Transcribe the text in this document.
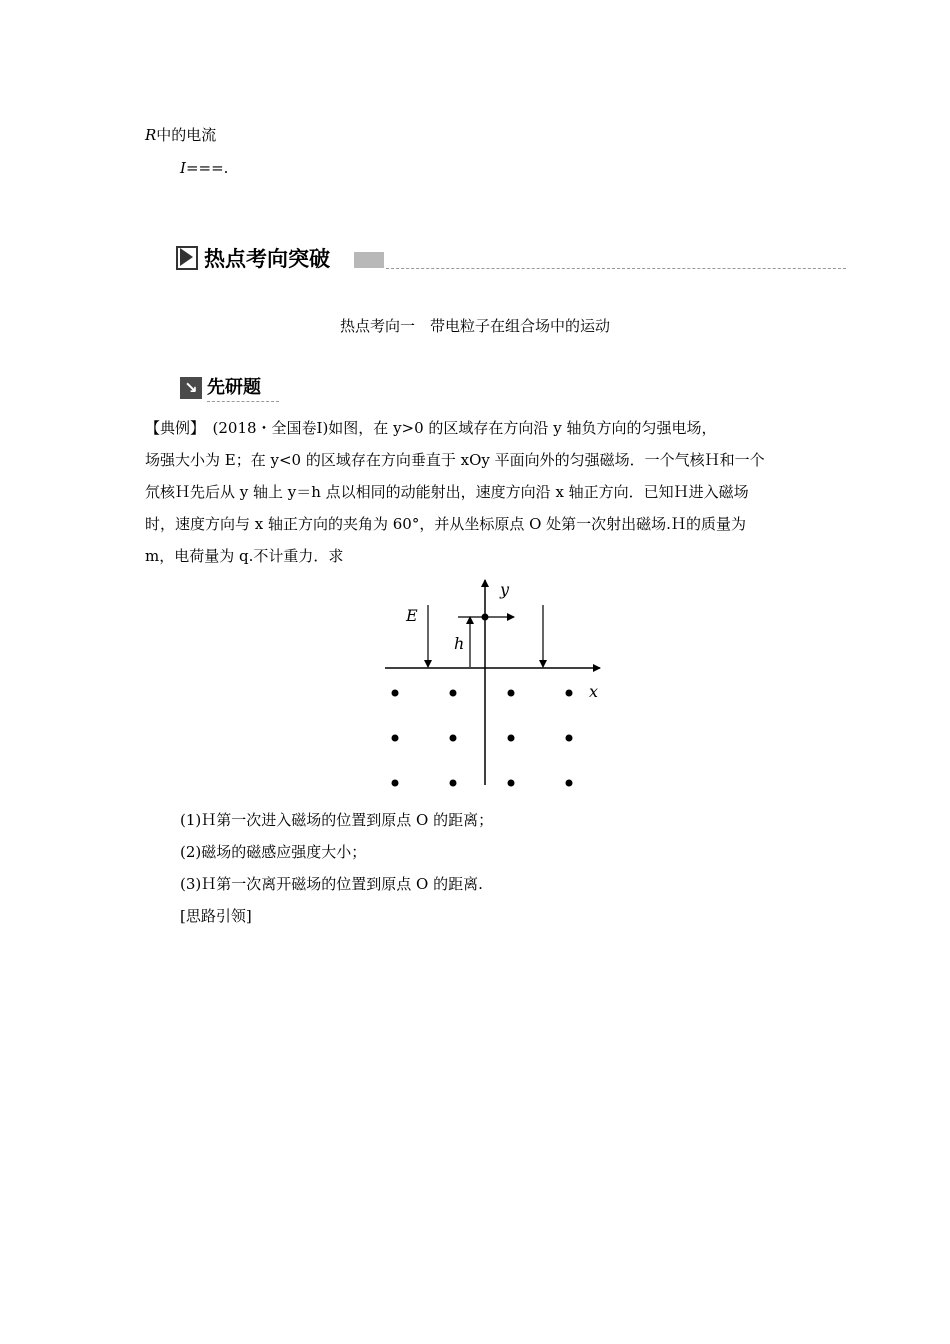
R中的电流
I===.
热点考向突破
热点考向一　带电粒子在组合场中的运动
↘ 先研题
【典例】　(2018・全国卷Ⅰ)如图，在 y>0 的区域存在方向沿 y 轴负方向的匀强电场，
场强大小为 E；在 y<0 的区域存在方向垂直于 xOy 平面向外的匀强磁场．一个气核Ｈ和一个
氘核Ｈ先后从 y 轴上 y＝h 点以相同的动能射出，速度方向沿 x 轴正方向．已知Ｈ进入磁场
时，速度方向与 x 轴正方向的夹角为 60°，并从坐标原点 O 处第一次射出磁场.Ｈ的质量为
m，电荷量为 q.不计重力．求
E
h
y
x
(1)Ｈ第一次进入磁场的位置到原点 O 的距离；
(2)磁场的磁感应强度大小；
(3)Ｈ第一次离开磁场的位置到原点 O 的距离.
[思路引领]
